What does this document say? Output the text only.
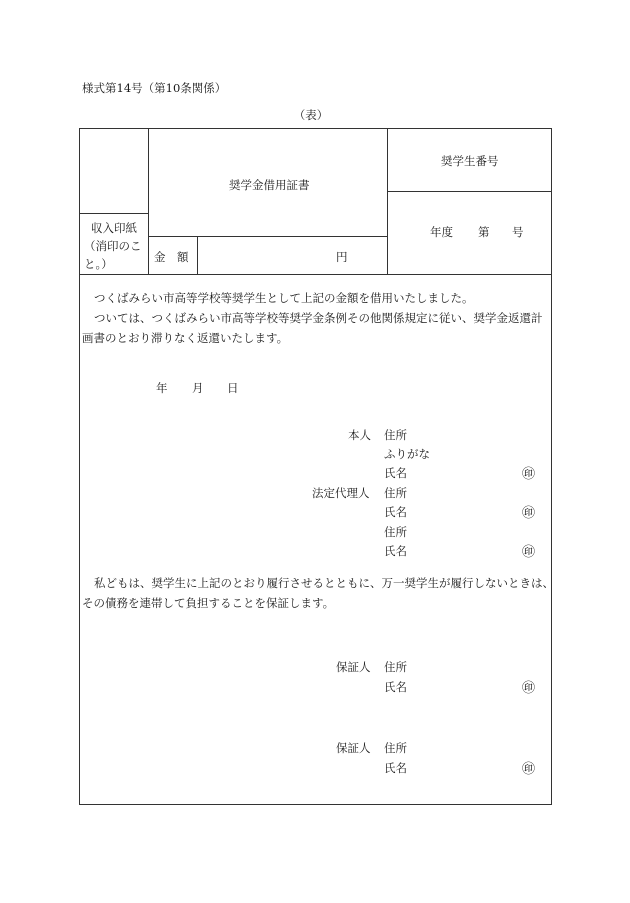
様式第14号（第10条関係）
（表）
奨学金借用証書
奨学生番号
年度 第 号
収入印紙
（消印のこ
と。）	金 額	円
つくばみらい市高等学校等奨学生として上記の金額を借用いたしました。
ついては、つくばみらい市高等学校等奨学金条例その他関係規定に従い、奨学金返還計
画書のとおり滞りなく返還いたします。
年 月 日
本人 住所
ふりがな
氏名	㊞
法定代理人 住所
氏名	㊞
住所
氏名	㊞
私どもは、奨学生に上記のとおり履行させるとともに、万一奨学生が履行しないときは、
その債務を連帯して負担することを保証します。
保証人 住所
氏名	㊞
保証人 住所
氏名	㊞
